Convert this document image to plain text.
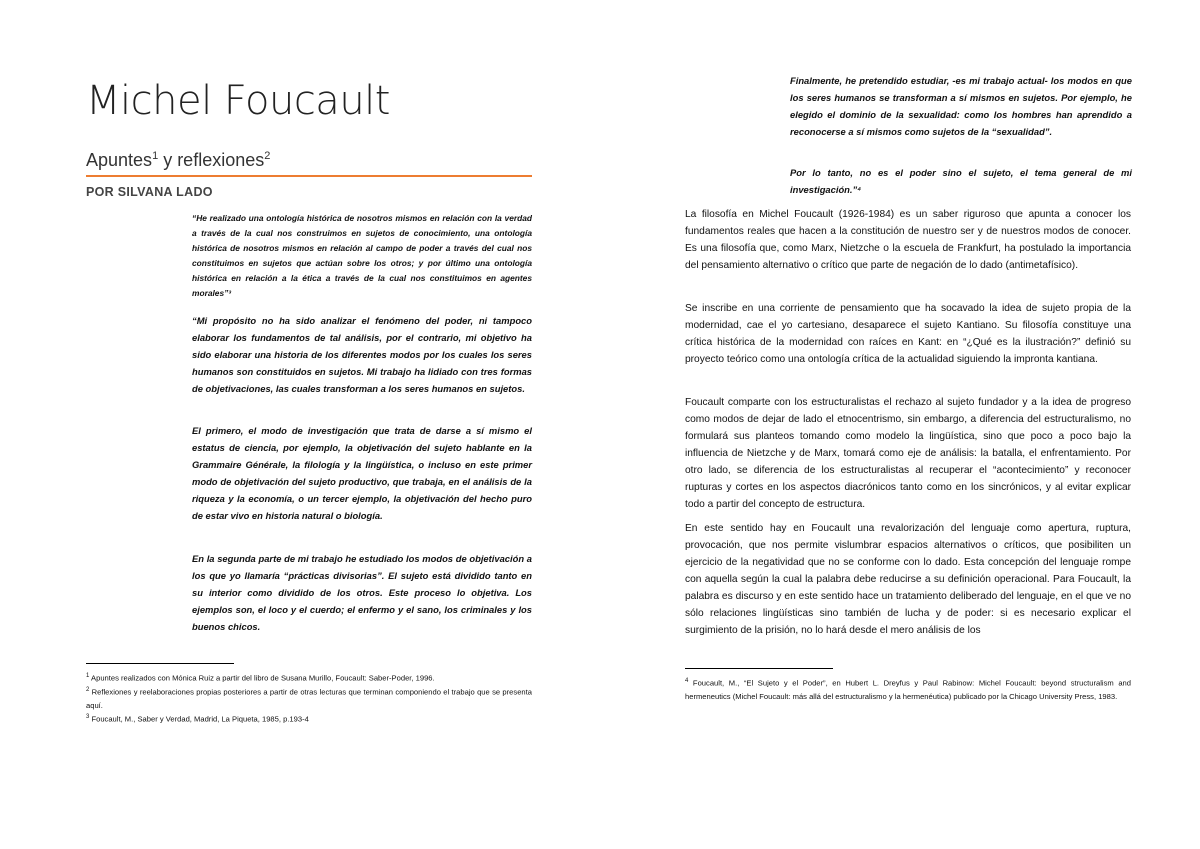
Michel Foucault
Apuntes$^1$ y reflexiones$^2$
POR SILVANA LADO
“He realizado una ontología histórica de nosotros mismos en relación con la verdad a través de la cual nos construimos en sujetos de conocimiento, una ontología histórica de nosotros mismos en relación al campo de poder a través del cual nos constituimos en sujetos que actúan sobre los otros; y por último una ontología histórica en relación a la ética a través de la cual nos constituimos en agentes morales”³
“Mi propósito no ha sido analizar el fenómeno del poder, ni tampoco elaborar los fundamentos de tal análisis, por el contrario, mi objetivo ha sido elaborar una historia de los diferentes modos por los cuales los seres humanos son constituidos en sujetos. Mi trabajo ha lidiado con tres formas de objetivaciones, las cuales transforman a los seres humanos en sujetos.
El primero, el modo de investigación que trata de darse a sí mismo el estatus de ciencia, por ejemplo, la objetivación del sujeto hablante en la Grammaire Générale, la filología y la lingüística, o incluso en este primer modo de objetivación del sujeto productivo, que trabaja, en el análisis de la riqueza y la economía, o un tercer ejemplo, la objetivación del hecho puro de estar vivo en historia natural o biología.
En la segunda parte de mi trabajo he estudiado los modos de objetivación a los que yo llamaría “prácticas divisorias”. El sujeto está dividido tanto en su interior como dividido de los otros. Este proceso lo objetiva. Los ejemplos son, el loco y el cuerdo; el enfermo y el sano, los criminales y los buenos chicos.
$^1$ Apuntes realizados con Mónica Ruiz a partir del libro de Susana Murillo, Foucault: Saber-Poder, 1996.
$^2$ Reflexiones y reelaboraciones propias posteriores a partir de otras lecturas que terminan componiendo el trabajo que se presenta aquí.
$^3$ Foucault, M., Saber y Verdad, Madrid, La Piqueta, 1985, p.193-4
Finalmente, he pretendido estudiar, -es mi trabajo actual- los modos en que los seres humanos se transforman a sí mismos en sujetos. Por ejemplo, he elegido el dominio de la sexualidad: como los hombres han aprendido a reconocerse a sí mismos como sujetos de la “sexualidad”.
Por lo tanto, no es el poder sino el sujeto, el tema general de mi investigación.”⁴
La filosofía en Michel Foucault (1926-1984) es un saber riguroso que apunta a conocer los fundamentos reales que hacen a la constitución de nuestro ser y de nuestros modos de conocer. Es una filosofía que, como Marx, Nietzche o la escuela de Frankfurt, ha postulado la importancia del pensamiento alternativo o crítico que parte de negación de lo dado (antimetafísico).
Se inscribe en una corriente de pensamiento que ha socavado la idea de sujeto propia de la modernidad, cae el yo cartesiano, desaparece el sujeto Kantiano. Su filosofía constituye una crítica histórica de la modernidad con raíces en Kant: en “¿Qué es la ilustración?” definió su proyecto teórico como una ontología crítica de la actualidad siguiendo la impronta kantiana.
Foucault comparte con los estructuralistas el rechazo al sujeto fundador y a la idea de progreso como modos de dejar de lado el etnocentrismo, sin embargo, a diferencia del estructuralismo, no formulará sus planteos tomando como modelo la lingüística, sino que poco a poco bajo la influencia de Nietzche y de Marx, tomará como eje de análisis: la batalla, el enfrentamiento. Por otro lado, se diferencia de los estructuralistas al recuperar el “acontecimiento” y reconocer rupturas y cortes en los aspectos diacrónicos tanto como en los sincrónicos, y al evitar explicar todo a partir del concepto de estructura.
En este sentido hay en Foucault una revalorización del lenguaje como apertura, ruptura, provocación, que nos permite vislumbrar espacios alternativos o críticos, que posibiliten un ejercicio de la negatividad que no se conforme con lo dado. Esta concepción del lenguaje rompe con aquella según la cual la palabra debe reducirse a su definición operacional. Para Foucault, la palabra es discurso y en este sentido hace un tratamiento deliberado del lenguaje, en el que ve no sólo relaciones lingüísticas sino también de lucha y de poder: si es necesario explicar el surgimiento de la prisión, no lo hará desde el mero análisis de los
$^4$ Foucault, M., “El Sujeto y el Poder”, en Hubert L. Dreyfus y Paul Rabinow: Michel Foucault: beyond structuralism and hermeneutics (Michel Foucault: más allá del estructuralismo y la hermenéutica) publicado por la Chicago University Press, 1983.
